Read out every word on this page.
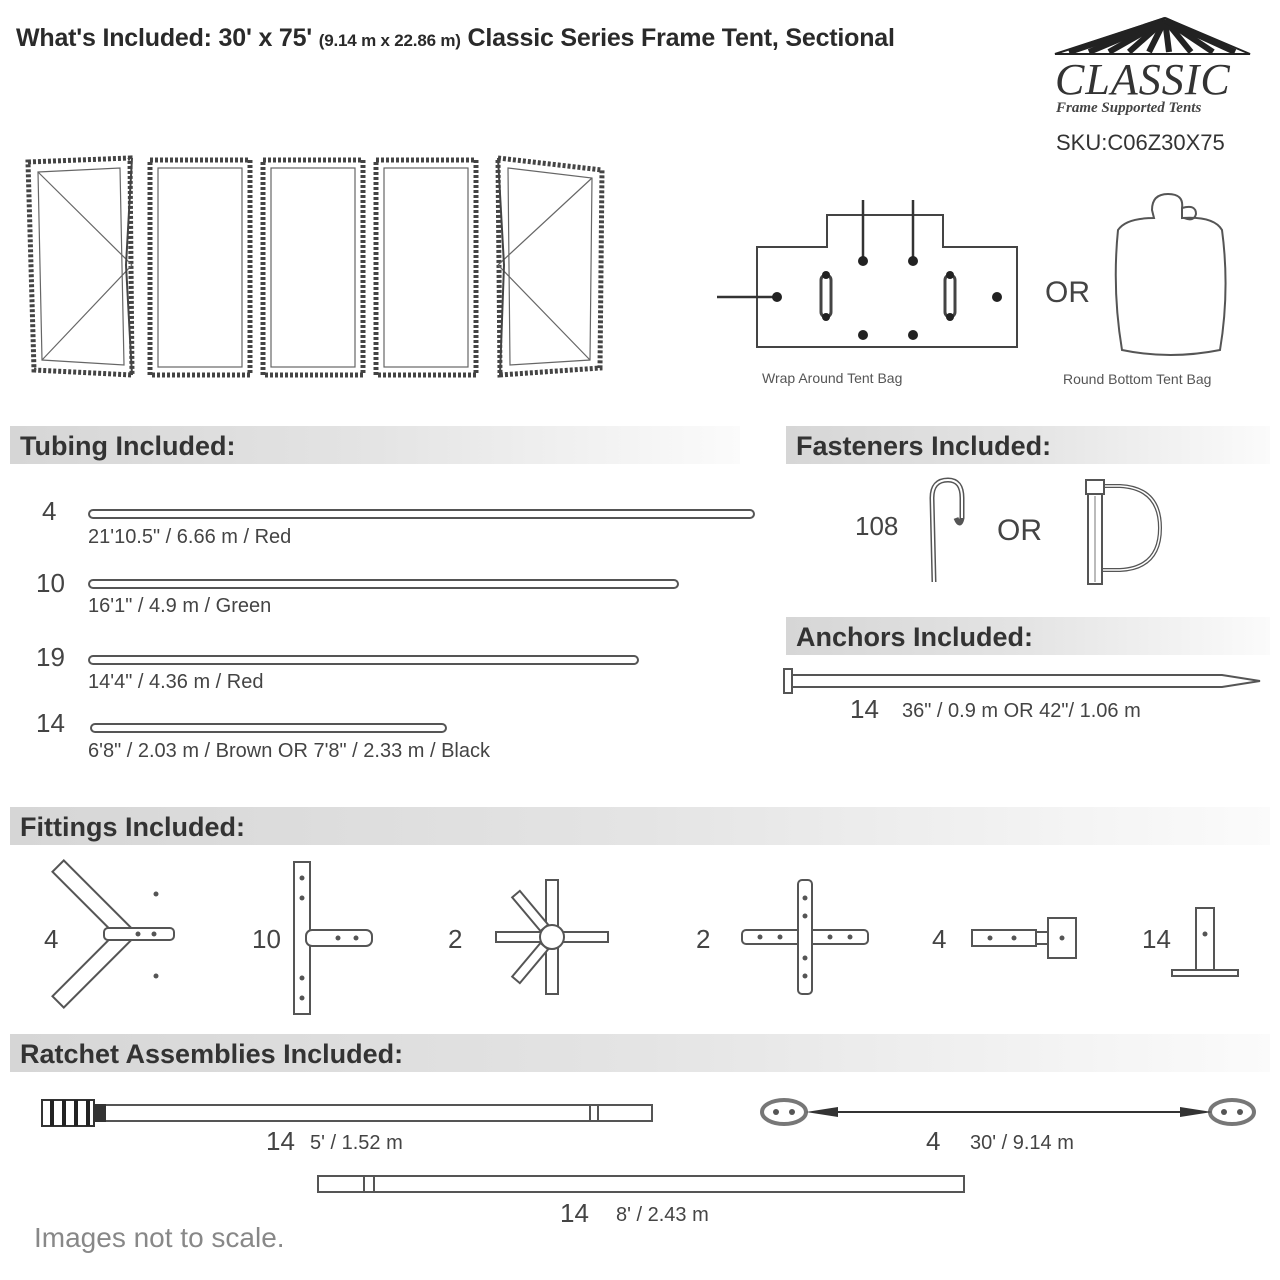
What's Included: 30' x 75' (9.14 m x 22.86 m) Classic Series Frame Tent, Sectional
CLASSIC
Frame Supported Tents
SKU:C06Z30X75
Wrap Around Tent Bag
OR
Round Bottom Tent Bag
Tubing Included:
4
21'10.5" / 6.66 m / Red
10
16'1" / 4.9 m / Green
19
14'4" / 4.36 m / Red
14
6'8" / 2.03 m / Brown OR 7'8" / 2.33 m / Black
Fasteners Included:
108	OR
Anchors Included:
14 36" / 0.9 m OR 42"/ 1.06 m
Fittings Included:
4	10	2	2	4	14
Ratchet Assemblies Included:
14 5' / 1.52 m	4 30' / 9.14 m
14 8' / 2.43 m
Images not to scale.
